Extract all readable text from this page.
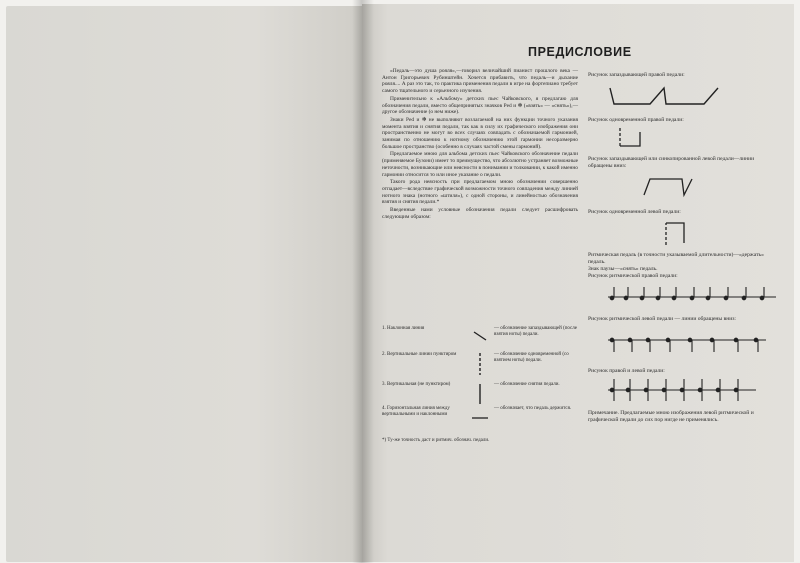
ПРЕДИСЛОВИЕ

«Педаль—это душа рояля»,—говорил величайший пианист прошлого века — Антон Григорьевич Рубинштейн. Хочется прибавить, что педаль—и дыхание рояля.... А раз это так, то практика применения педали в игре на фортепиано требует самого тщательного и серьезного изучения.

Применительно к «Альбому» детских пьес Чайковского, я предлагаю для обозначения педали, вместо общепринятых значков Ped и ✻ («взять» — «снять»),—другое обозначение (о нем ниже).

Знаки Ped и ✻ не выполняют возлагаемой на них функции точного указания момента взятия и снятия педали, так как в силу их графического изображения они пространственно не могут во всех случаях совпадать с обозначаемой гармонией, занимая по отношению к нотному обозначению этой гармонии несоразмерно большое пространство (особенно в случаях частой смены гармоний).

Предлагаемое мною для альбома детских пьес Чайковского обозначение педали (применяемое Бузони) имеет то преимущество, что абсолютно устраняет возможные неточности, возникающие или неясности в понимании и толковании, к какой именно гармонии относится то или иное указание о педали.

Такого рода неясность при предлагаемом мною обозначении совершенно отпадает—вследствие графической возможности точного совпадения между линией нотного знака (нотного «штиля»), с одной стороны, и линейностью обозначения взятия и снятия педали.*

Введенные нами условные обозначения педали следует расшифровать следующим образом:

1. Наклонная линия	— обозначение запаздывающей (после взятия ноты) педали.
2. Вертикальные линии пунктиром	— обозначение одновременной (со взятием ноты) педали.
3. Вертикальная (не пунктиром)	— обозначение снятия педали.
4. Горизонтальная линия между вертикальными и наклонными
— обозначает, что педаль держится.
*) Ту-же точность даст и ритмич. обознач. педали.
Рисунок запаздывающей правой педали:
Рисунок одновременной правой педали:
Рисунок запаздывающей или синкопированной левой педали—линии обращены вниз:
Рисунок одновременной левой педали:
Ритмическая педаль (в точности указываемой длительности)—«держать» педаль.
Знак паузы—«снять» педаль.
Рисунок ритмической правой педали:
Рисунок ритмической левой педали — линии обращены вниз:
Рисунок правой и левой педали:
Примечание. Предлагаемые мною изображения левой ритмической и графической педали до сих пор нигде не применялись.
